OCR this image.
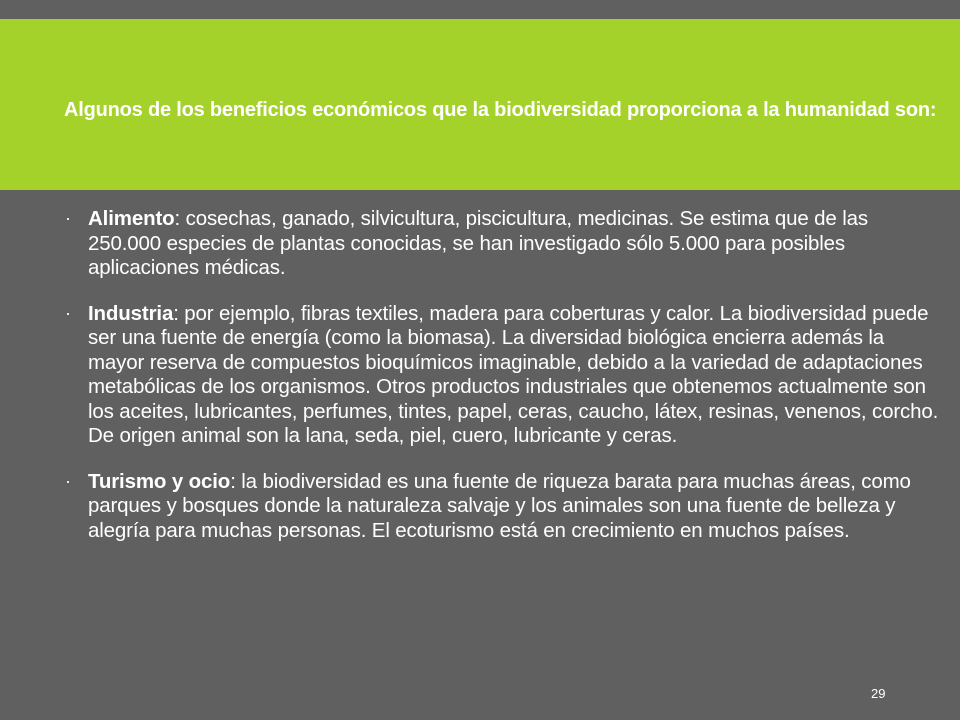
Algunos de los beneficios económicos que la biodiversidad proporciona a la humanidad son:
· Alimento: cosechas, ganado, silvicultura, piscicultura, medicinas. Se estima que de las 250.000 especies de plantas conocidas, se han investigado sólo 5.000 para posibles aplicaciones médicas.
· Industria: por ejemplo, fibras textiles, madera para coberturas y calor. La biodiversidad puede ser una fuente de energía (como la biomasa). La diversidad biológica encierra además la mayor reserva de compuestos bioquímicos imaginable, debido a la variedad de adaptaciones metabólicas de los organismos. Otros productos industriales que obtenemos actualmente son los aceites, lubricantes, perfumes, tintes, papel, ceras, caucho, látex, resinas, venenos, corcho. De origen animal son la lana, seda, piel, cuero, lubricante y ceras.
· Turismo y ocio: la biodiversidad es una fuente de riqueza barata para muchas áreas, como parques y bosques donde la naturaleza salvaje y los animales son una fuente de belleza y alegría para muchas personas. El ecoturismo está en crecimiento en muchos países.
29
